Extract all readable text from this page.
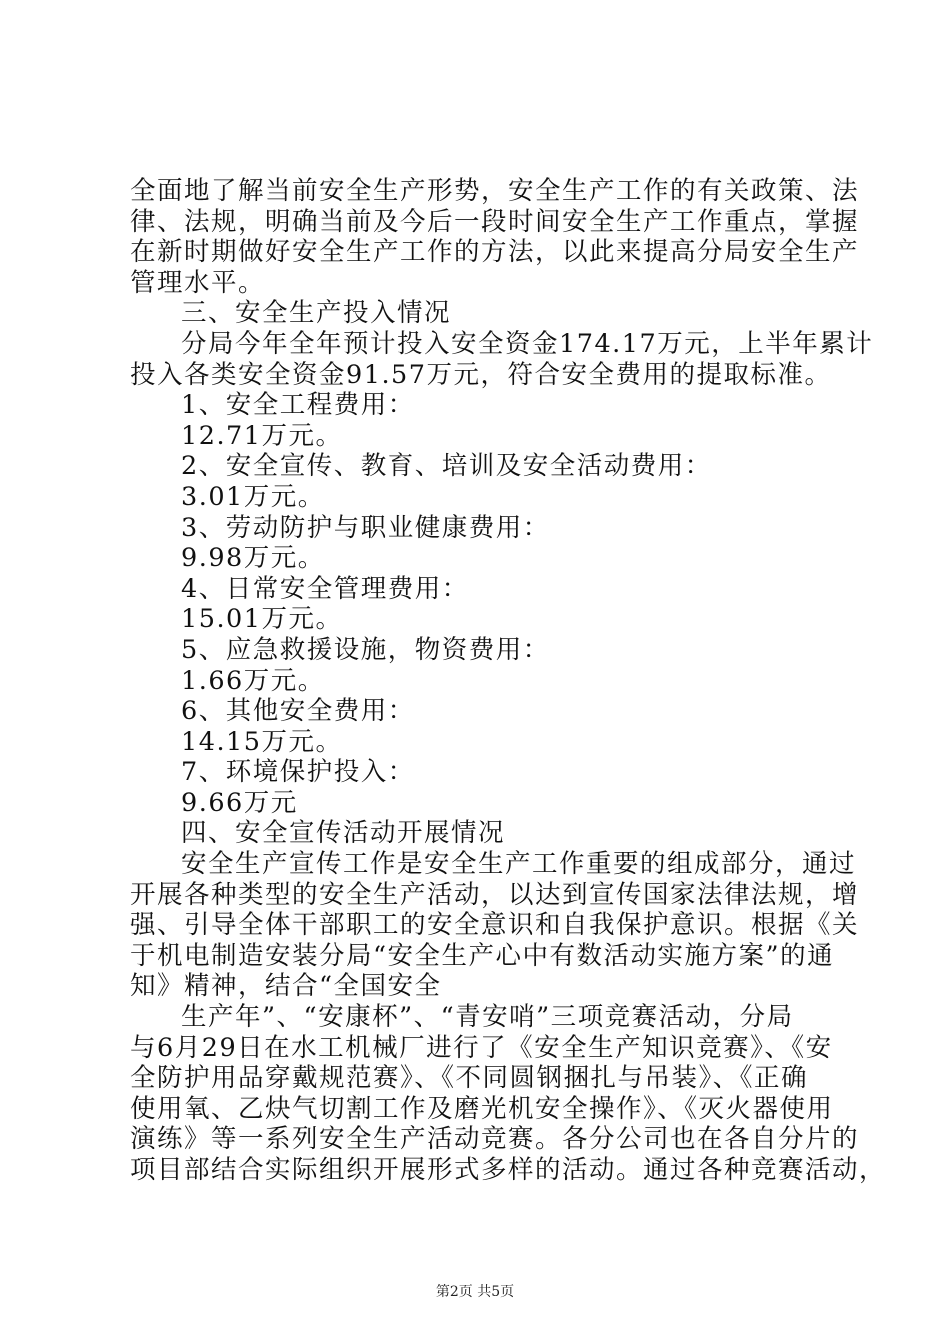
全面地了解当前安全生产形势，安全生产工作的有关政策、法
律、法规，明确当前及今后一段时间安全生产工作重点，掌握
在新时期做好安全生产工作的方法，以此来提高分局安全生产
管理水平。
三、安全生产投入情况
分局今年全年预计投入安全资金174.17万元，上半年累计
投入各类安全资金91.57万元，符合安全费用的提取标准。
1、安全工程费用：
12.71万元。
2、安全宣传、教育、培训及安全活动费用：
3.01万元。
3、劳动防护与职业健康费用：
9.98万元。
4、日常安全管理费用：
15.01万元。
5、应急救援设施，物资费用：
1.66万元。
6、其他安全费用：
14.15万元。
7、环境保护投入：
9.66万元
四、安全宣传活动开展情况
安全生产宣传工作是安全生产工作重要的组成部分，通过
开展各种类型的安全生产活动，以达到宣传国家法律法规，增
强、引导全体干部职工的安全意识和自我保护意识。根据《关
于机电制造安装分局“安全生产心中有数活动实施方案”的通
知》精神，结合“全国安全
生产年”、“安康杯”、“青安哨”三项竞赛活动，分局
与6月29日在水工机械厂进行了《安全生产知识竞赛》、《安
全防护用品穿戴规范赛》、《不同圆钢捆扎与吊装》、《正确
使用氧、乙炔气切割工作及磨光机安全操作》、《灭火器使用
演练》等一系列安全生产活动竞赛。各分公司也在各自分片的
项目部结合实际组织开展形式多样的活动。通过各种竞赛活动，
第2页 共5页
